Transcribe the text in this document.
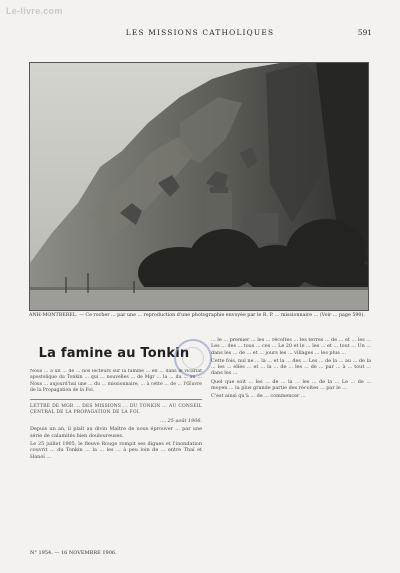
Le-livre.com
LES MISSIONS CATHOLIQUES	591
ANH-MONTBEREL. — Ce rocher ... par une ... reproduction d'une photographie envoyée par le R. P. ... missionnaire ... (Voir ... page 590).
La famine au Tonkin

Nous ... à un ... de ... nos lecteurs sur la famine ... en ... dans le vicariat apostolique du Tonkin ... qui ... nouvelles ... de Mgr ... la ... du ... au ... Nous ... aujourd'hui une ... du ... missionnaire, ... à cette ... de ... l'Œuvre de la Propagation de la Foi.

LETTRE DE MGR ... DES MISSIONS ... DU TONKIN ... AU CONSEIL CENTRAL DE LA PROPAGATION DE LA FOI.

..., 25 août 1906.

Depuis un an, il plaît au divin Maître de nous éprouver ... par une série de calamités bien douloureuses.

Le 25 juillet 1905, le fleuve Rouge rompit ses digues et l'inondation couvrit ... du Tonkin ... la ... les ... à peu loin de ... entre Thaï et Hanoï ...

N° 1954. — 16 NOVEMBRE 1906.

... le ... premier ... les ... récoltes ... les terres ... de ... et ... les ... Les ... des ... tous ... ces ... Le 20 et le ... les ... et ... tout ... Un ... dans les ... de ... et ... jours les ... villages ... les plus ...

Cette fois, nul ne ... la ... et la ... des ... Les ... de la ... au ... de la ... les ... elles ... et ... la ... de ... les ... de ... par ... à ... tout ... dans les ...

Quel que soit ... les ... de ... la ... les ... de la ... Le ... de ... moyen ... la plus grande partie des récoltes ... par le ...

C'est ainsi qu'à ... de ... commencer ...
